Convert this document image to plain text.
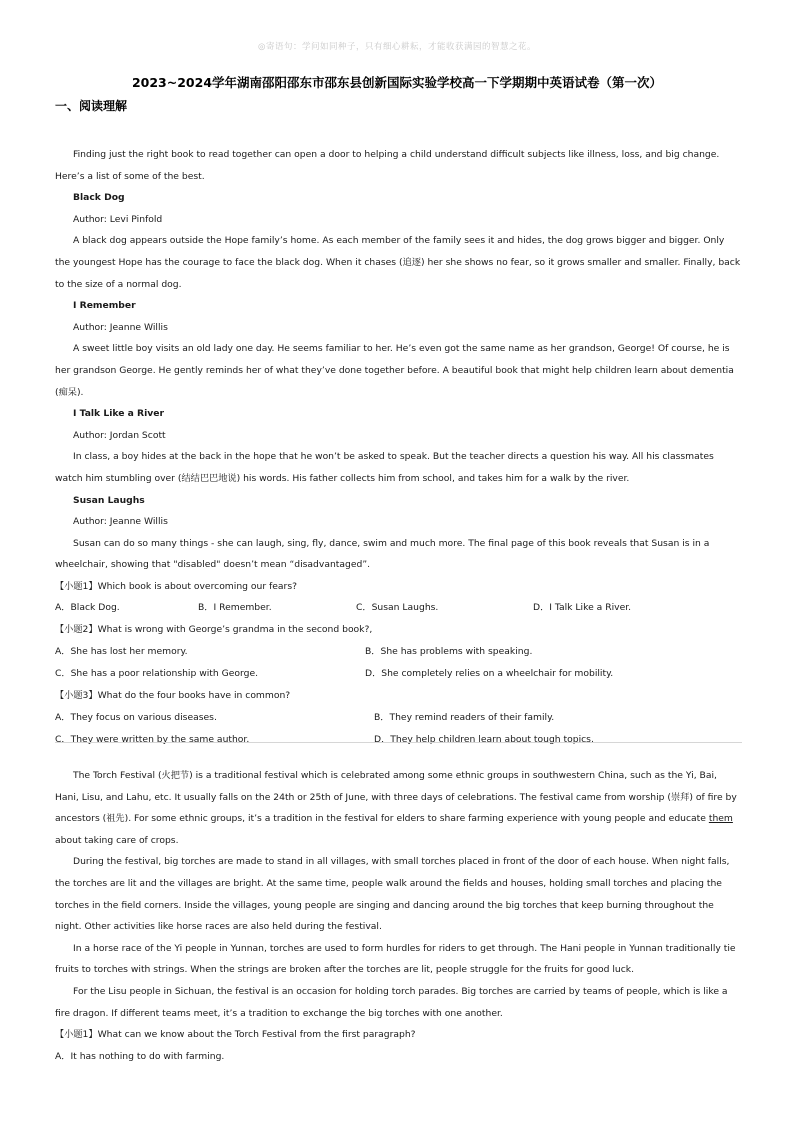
◎寄语句：学问如同种子，只有细心耕耘，才能收获满园的智慧之花。
2023~2024学年湖南邵阳邵东市邵东县创新国际实验学校高一下学期期中英语试卷（第一次）
一、阅读理解

Finding just the right book to read together can open a door to helping a child understand difficult subjects like illness, loss, and big change. Here’s a list of some of the best.

Black Dog

Author: Levi Pinfold

A black dog appears outside the Hope family’s home. As each member of the family sees it and hides, the dog grows bigger and bigger. Only the youngest Hope has the courage to face the black dog. When it chases (追逐) her she shows no fear, so it grows smaller and smaller. Finally, back to the size of a normal dog.

I Remember

Author: Jeanne Willis

A sweet little boy visits an old lady one day. He seems familiar to her. He’s even got the same name as her grandson, George! Of course, he is her grandson George. He gently reminds her of what they’ve done together before. A beautiful book that might help children learn about dementia (痴呆).

I Talk Like a River

Author: Jordan Scott

In class, a boy hides at the back in the hope that he won’t be asked to speak. But the teacher directs a question his way. All his classmates watch him stumbling over (结结巴巴地说) his words. His father collects him from school, and takes him for a walk by the river.

Susan Laughs

Author: Jeanne Willis

Susan can do so many things - she can laugh, sing, fly, dance, swim and much more. The final page of this book reveals that Susan is in a wheelchair, showing that "disabled" doesn’t mean “disadvantaged”.

【小题1】Which book is about overcoming our fears?

A．Black Dog.	B．I Remember.	C．Susan Laughs.	D．I Talk Like a River.

【小题2】What is wrong with George’s grandma in the second book?,

A．She has lost her memory.	B．She has problems with speaking.
C．She has a poor relationship with George.	D．She completely relies on a wheelchair for mobility.

【小题3】What do the four books have in common?

A．They focus on various diseases.	B．They remind readers of their family.
C．They were written by the same author.	D．They help children learn about tough topics.

The Torch Festival (火把节) is a traditional festival which is celebrated among some ethnic groups in southwestern China, such as the Yi, Bai, Hani, Lisu, and Lahu, etc. It usually falls on the 24th or 25th of June, with three days of celebrations. The festival came from worship (崇拜) of fire by ancestors (祖先). For some ethnic groups, it’s a tradition in the festival for elders to share farming experience with young people and educate them about taking care of crops.

During the festival, big torches are made to stand in all villages, with small torches placed in front of the door of each house. When night falls, the torches are lit and the villages are bright. At the same time, people walk around the fields and houses, holding small torches and placing the torches in the field corners. Inside the villages, young people are singing and dancing around the big torches that keep burning throughout the night. Other activities like horse races are also held during the festival.

In a horse race of the Yi people in Yunnan, torches are used to form hurdles for riders to get through. The Hani people in Yunnan traditionally tie fruits to torches with strings. When the strings are broken after the torches are lit, people struggle for the fruits for good luck.

For the Lisu people in Sichuan, the festival is an occasion for holding torch parades. Big torches are carried by teams of people, which is like a fire dragon. If different teams meet, it’s a tradition to exchange the big torches with one another.

【小题1】What can we know about the Torch Festival from the first paragraph?

A．It has nothing to do with farming.
